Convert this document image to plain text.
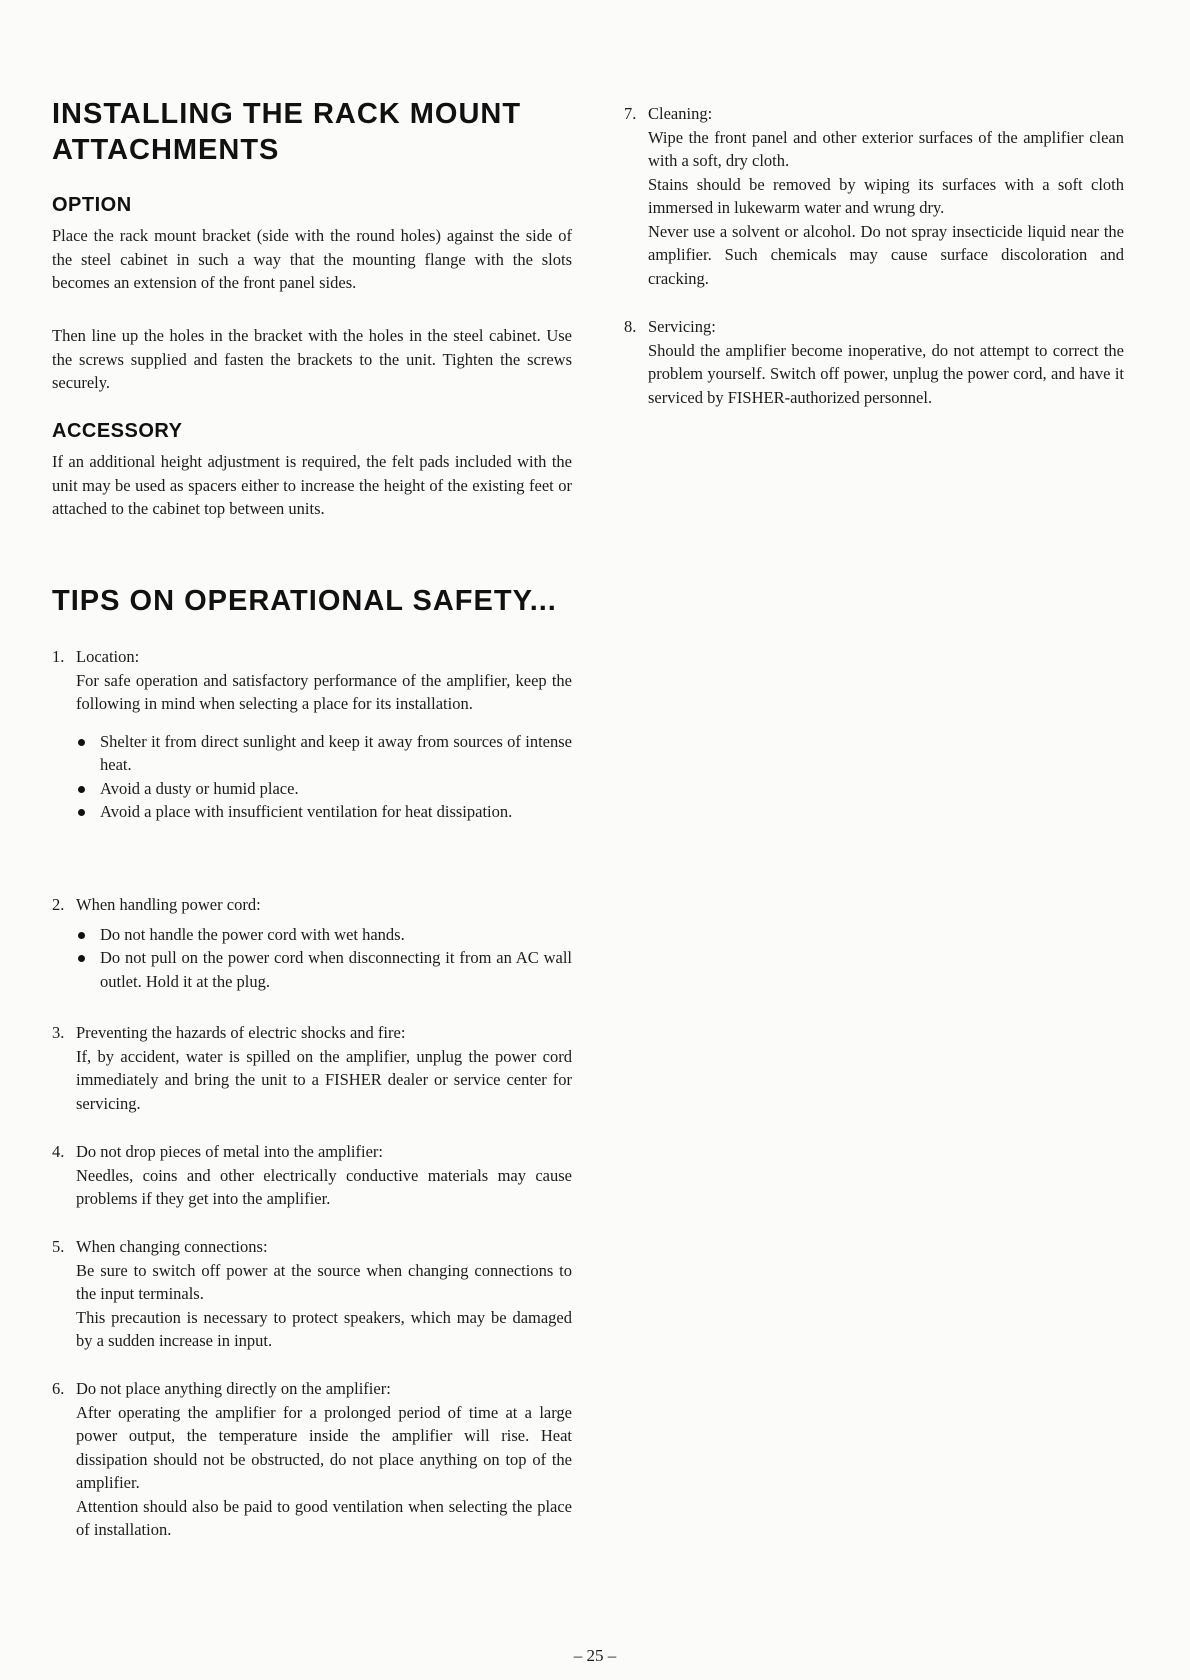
INSTALLING THE RACK MOUNT ATTACHMENTS
OPTION

Place the rack mount bracket (side with the round holes) against the side of the steel cabinet in such a way that the mounting flange with the slots becomes an extension of the front panel sides.

Then line up the holes in the bracket with the holes in the steel cabinet. Use the screws supplied and fasten the brackets to the unit. Tighten the screws securely.

ACCESSORY

If an additional height adjustment is required, the felt pads included with the unit may be used as spacers either to increase the height of the existing feet or attached to the cabinet top between units.

TIPS ON OPERATIONAL SAFETY...
1. Location:

For safe operation and satisfactory performance of the amplifier, keep the following in mind when selecting a place for its installation.

Shelter it from direct sunlight and keep it away from sources of intense heat.
Avoid a dusty or humid place.
Avoid a place with insufficient ventilation for heat dissipation.
2. When handling power cord:
Do not handle the power cord with wet hands.
Do not pull on the power cord when disconnecting it from an AC wall outlet. Hold it at the plug.
3. Preventing the hazards of electric shocks and fire:

If, by accident, water is spilled on the amplifier, unplug the power cord immediately and bring the unit to a FISHER dealer or service center for servicing.

4. Do not drop pieces of metal into the amplifier:

Needles, coins and other electrically conductive materials may cause problems if they get into the amplifier.

5. When changing connections:

Be sure to switch off power at the source when changing connections to the input terminals.

This precaution is necessary to protect speakers, which may be damaged by a sudden increase in input.

6. Do not place anything directly on the amplifier:

After operating the amplifier for a prolonged period of time at a large power output, the temperature inside the amplifier will rise. Heat dissipation should not be obstructed, do not place anything on top of the amplifier.

Attention should also be paid to good ventilation when selecting the place of installation.

7. Cleaning:

Wipe the front panel and other exterior surfaces of the amplifier clean with a soft, dry cloth.

Stains should be removed by wiping its surfaces with a soft cloth immersed in lukewarm water and wrung dry.

Never use a solvent or alcohol. Do not spray insecticide liquid near the amplifier. Such chemicals may cause surface discoloration and cracking.

8. Servicing:

Should the amplifier become inoperative, do not attempt to correct the problem yourself. Switch off power, unplug the power cord, and have it serviced by FISHER-authorized personnel.

– 25 –
